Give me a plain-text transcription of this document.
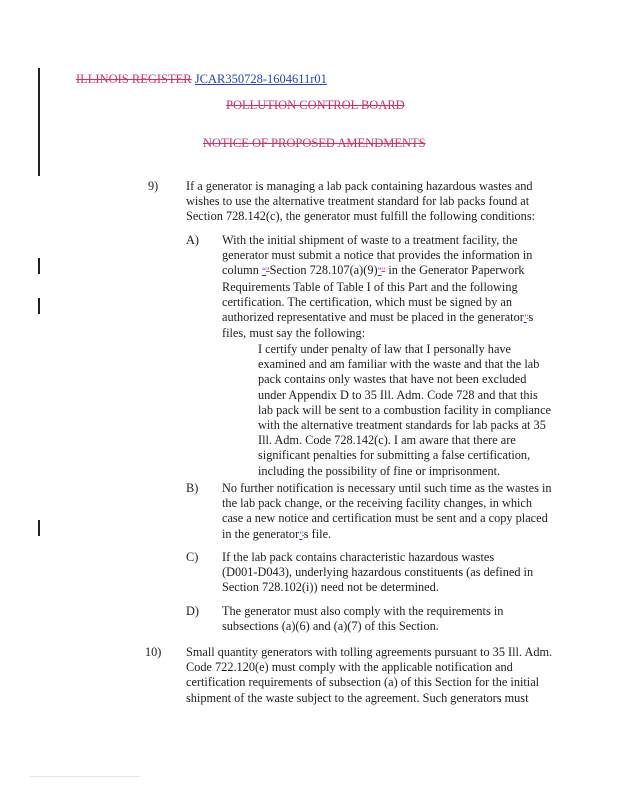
ILLINOIS REGISTER JCAR350728-1604611r01
POLLUTION CONTROL BOARD
NOTICE OF PROPOSED AMENDMENTS
9) If a generator is managing a lab pack containing hazardous wastes and
wishes to use the alternative treatment standard for lab packs found at
Section 728.142(c), the generator must fulfill the following conditions:
A) With the initial shipment of waste to a treatment facility, the
generator must submit a notice that provides the information in
column “"Section 728.107(a)(9)”" in the Generator Paperwork
Requirements Table of Table I of this Part and the following
certification. The certification, which must be signed by an
authorized representative and must be placed in the generator’'s
files, must say the following:
I certify under penalty of law that I personally have
examined and am familiar with the waste and that the lab
pack contains only wastes that have not been excluded
under Appendix D to 35 Ill. Adm. Code 728 and that this
lab pack will be sent to a combustion facility in compliance
with the alternative treatment standards for lab packs at 35
Ill. Adm. Code 728.142(c). I am aware that there are
significant penalties for submitting a false certification,
including the possibility of fine or imprisonment.
B) No further notification is necessary until such time as the wastes in
the lab pack change, or the receiving facility changes, in which
case a new notice and certification must be sent and a copy placed
in the generator’'s file.
C) If the lab pack contains characteristic hazardous wastes
(D001-D043), underlying hazardous constituents (as defined in
Section 728.102(i)) need not be determined.
D) The generator must also comply with the requirements in
subsections (a)(6) and (a)(7) of this Section.
10) Small quantity generators with tolling agreements pursuant to 35 Ill. Adm.
Code 722.120(e) must comply with the applicable notification and
certification requirements of subsection (a) of this Section for the initial
shipment of the waste subject to the agreement. Such generators must
